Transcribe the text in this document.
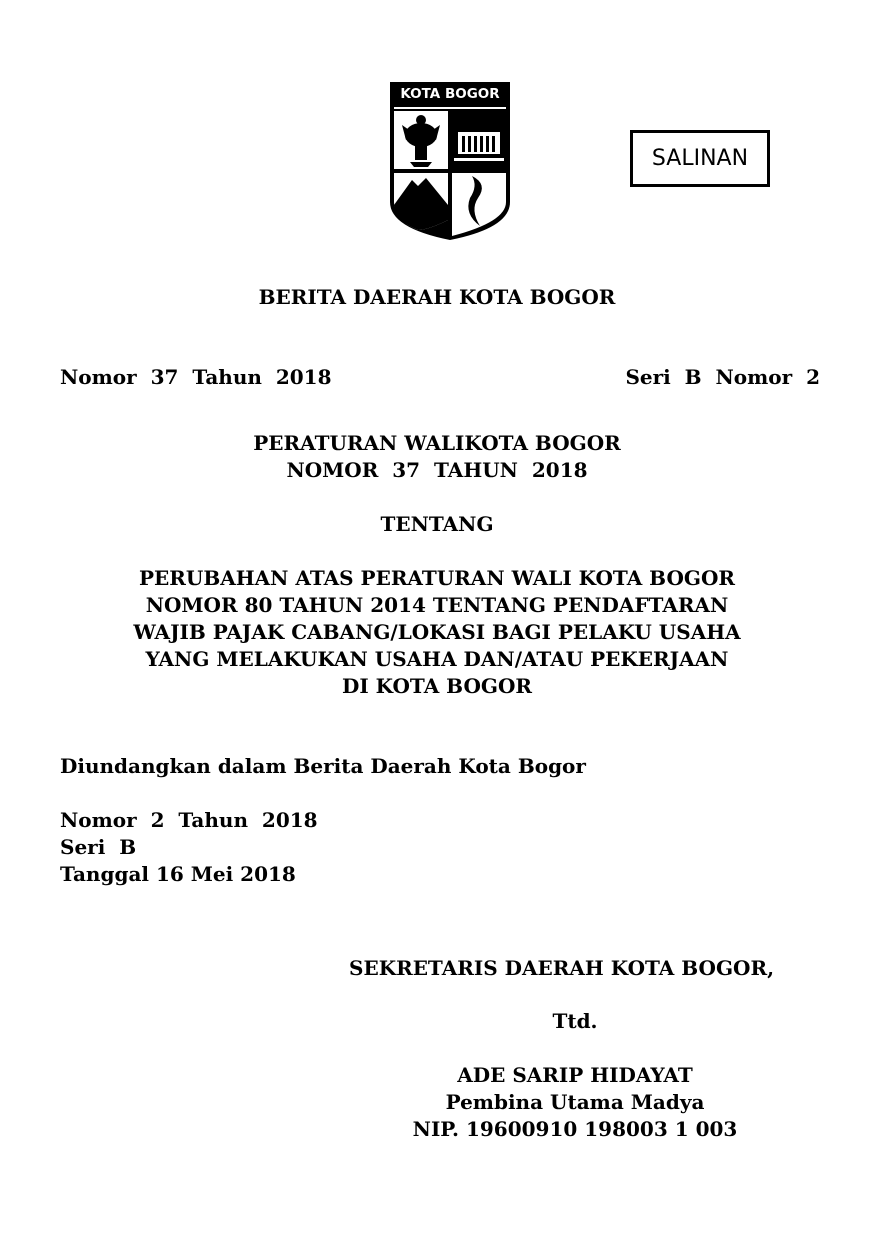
KOTA BOGOR
SALINAN
BERITA DAERAH KOTA BOGOR
Nomor  37  Tahun  2018	Seri  B  Nomor  2
PERATURAN WALIKOTA BOGOR
NOMOR  37  TAHUN  2018
TENTANG
PERUBAHAN ATAS PERATURAN WALI KOTA BOGOR
NOMOR 80 TAHUN 2014 TENTANG PENDAFTARAN
WAJIB PAJAK CABANG/LOKASI BAGI PELAKU USAHA
YANG MELAKUKAN USAHA DAN/ATAU PEKERJAAN
DI KOTA BOGOR
Diundangkan dalam Berita Daerah Kota Bogor
Nomor  2  Tahun  2018
Seri  B
Tanggal 16 Mei 2018
SEKRETARIS DAERAH KOTA BOGOR,
Ttd.
ADE SARIP HIDAYAT
Pembina Utama Madya
NIP. 19600910 198003 1 003
